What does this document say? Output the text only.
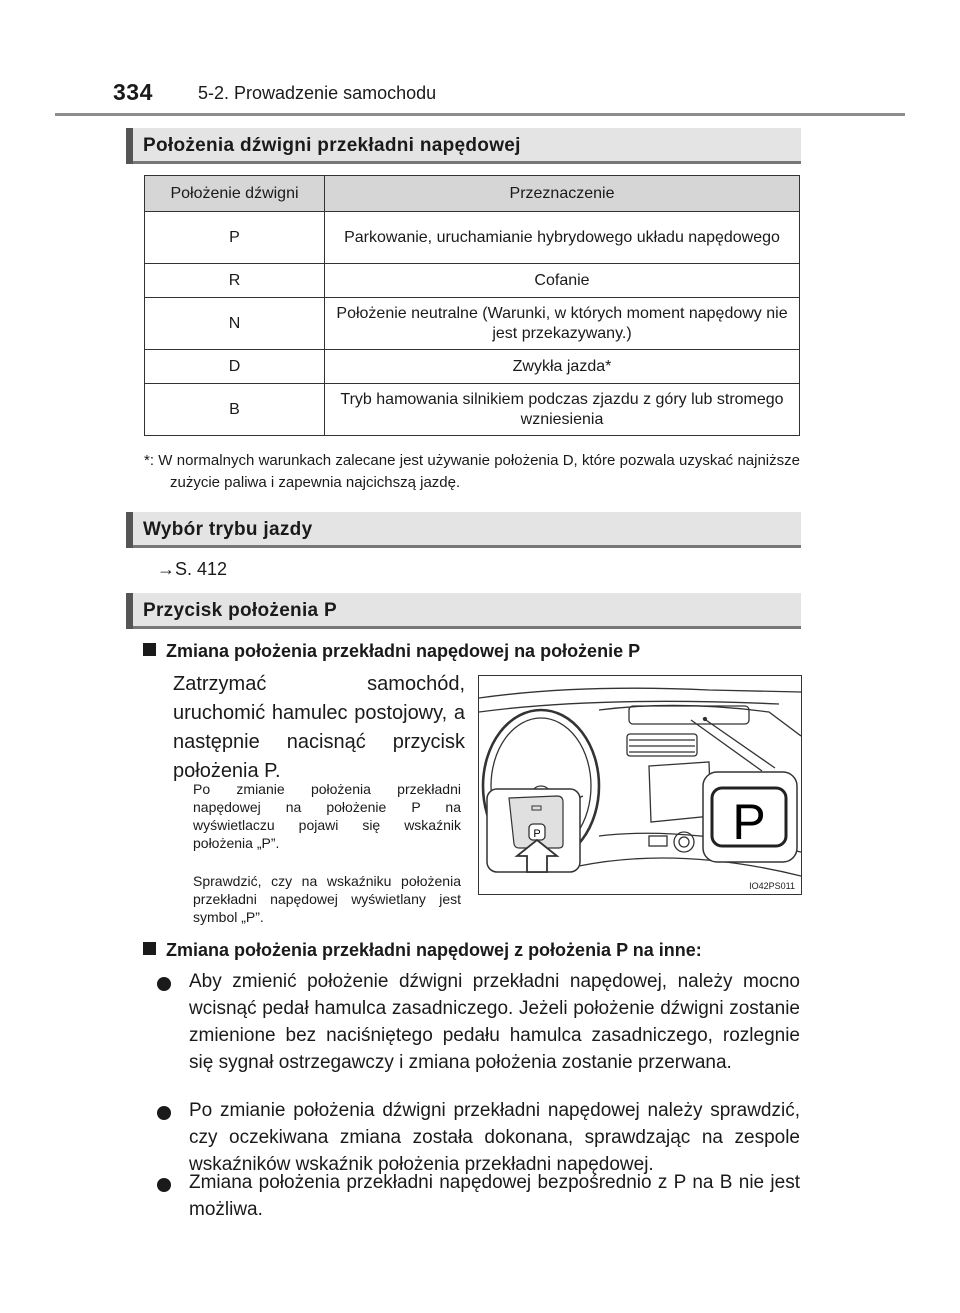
334	5-2. Prowadzenie samochodu
Położenia dźwigni przekładni napędowej
Położenie dźwigni	Przeznaczenie
P	Parkowanie, uruchamianie hybrydowego układu napędowego
R	Cofanie
N	Położenie neutralne (Warunki, w których moment napędowy nie jest przekazywany.)
D	Zwykła jazda*
B	Tryb hamowania silnikiem podczas zjazdu z góry lub stromego wzniesienia
*: W normalnych warunkach zalecane jest używanie położenia D, które pozwala uzyskać najniższe zużycie paliwa i zapewnia najcichszą jazdę.
Wybór trybu jazdy
→S. 412
Przycisk położenia P
Zmiana położenia przekładni napędowej na położenie P
Zatrzymać samochód, uruchomić hamulec postojowy, a następnie nacisnąć przycisk położenia P.
Po zmianie położenia przekładni napędowej na położenie P na wyświetlaczu pojawi się wskaźnik położenia „P”.
Sprawdzić, czy na wskaźniku położenia przekładni napędowej wyświetlany jest symbol „P”.
P	P
IO42PS011
Zmiana położenia przekładni napędowej z położenia P na inne:
Aby zmienić położenie dźwigni przekładni napędowej, należy mocno wcisnąć pedał hamulca zasadniczego. Jeżeli położenie dźwigni zostanie zmienione bez naciśniętego pedału hamulca zasadniczego, rozlegnie się sygnał ostrzegawczy i zmiana położenia zostanie przerwana.
Po zmianie położenia dźwigni przekładni napędowej należy sprawdzić, czy oczekiwana zmiana została dokonana, sprawdzając na zespole wskaźników wskaźnik położenia przekładni napędowej.
Zmiana położenia przekładni napędowej bezpośrednio z P na B nie jest możliwa.
